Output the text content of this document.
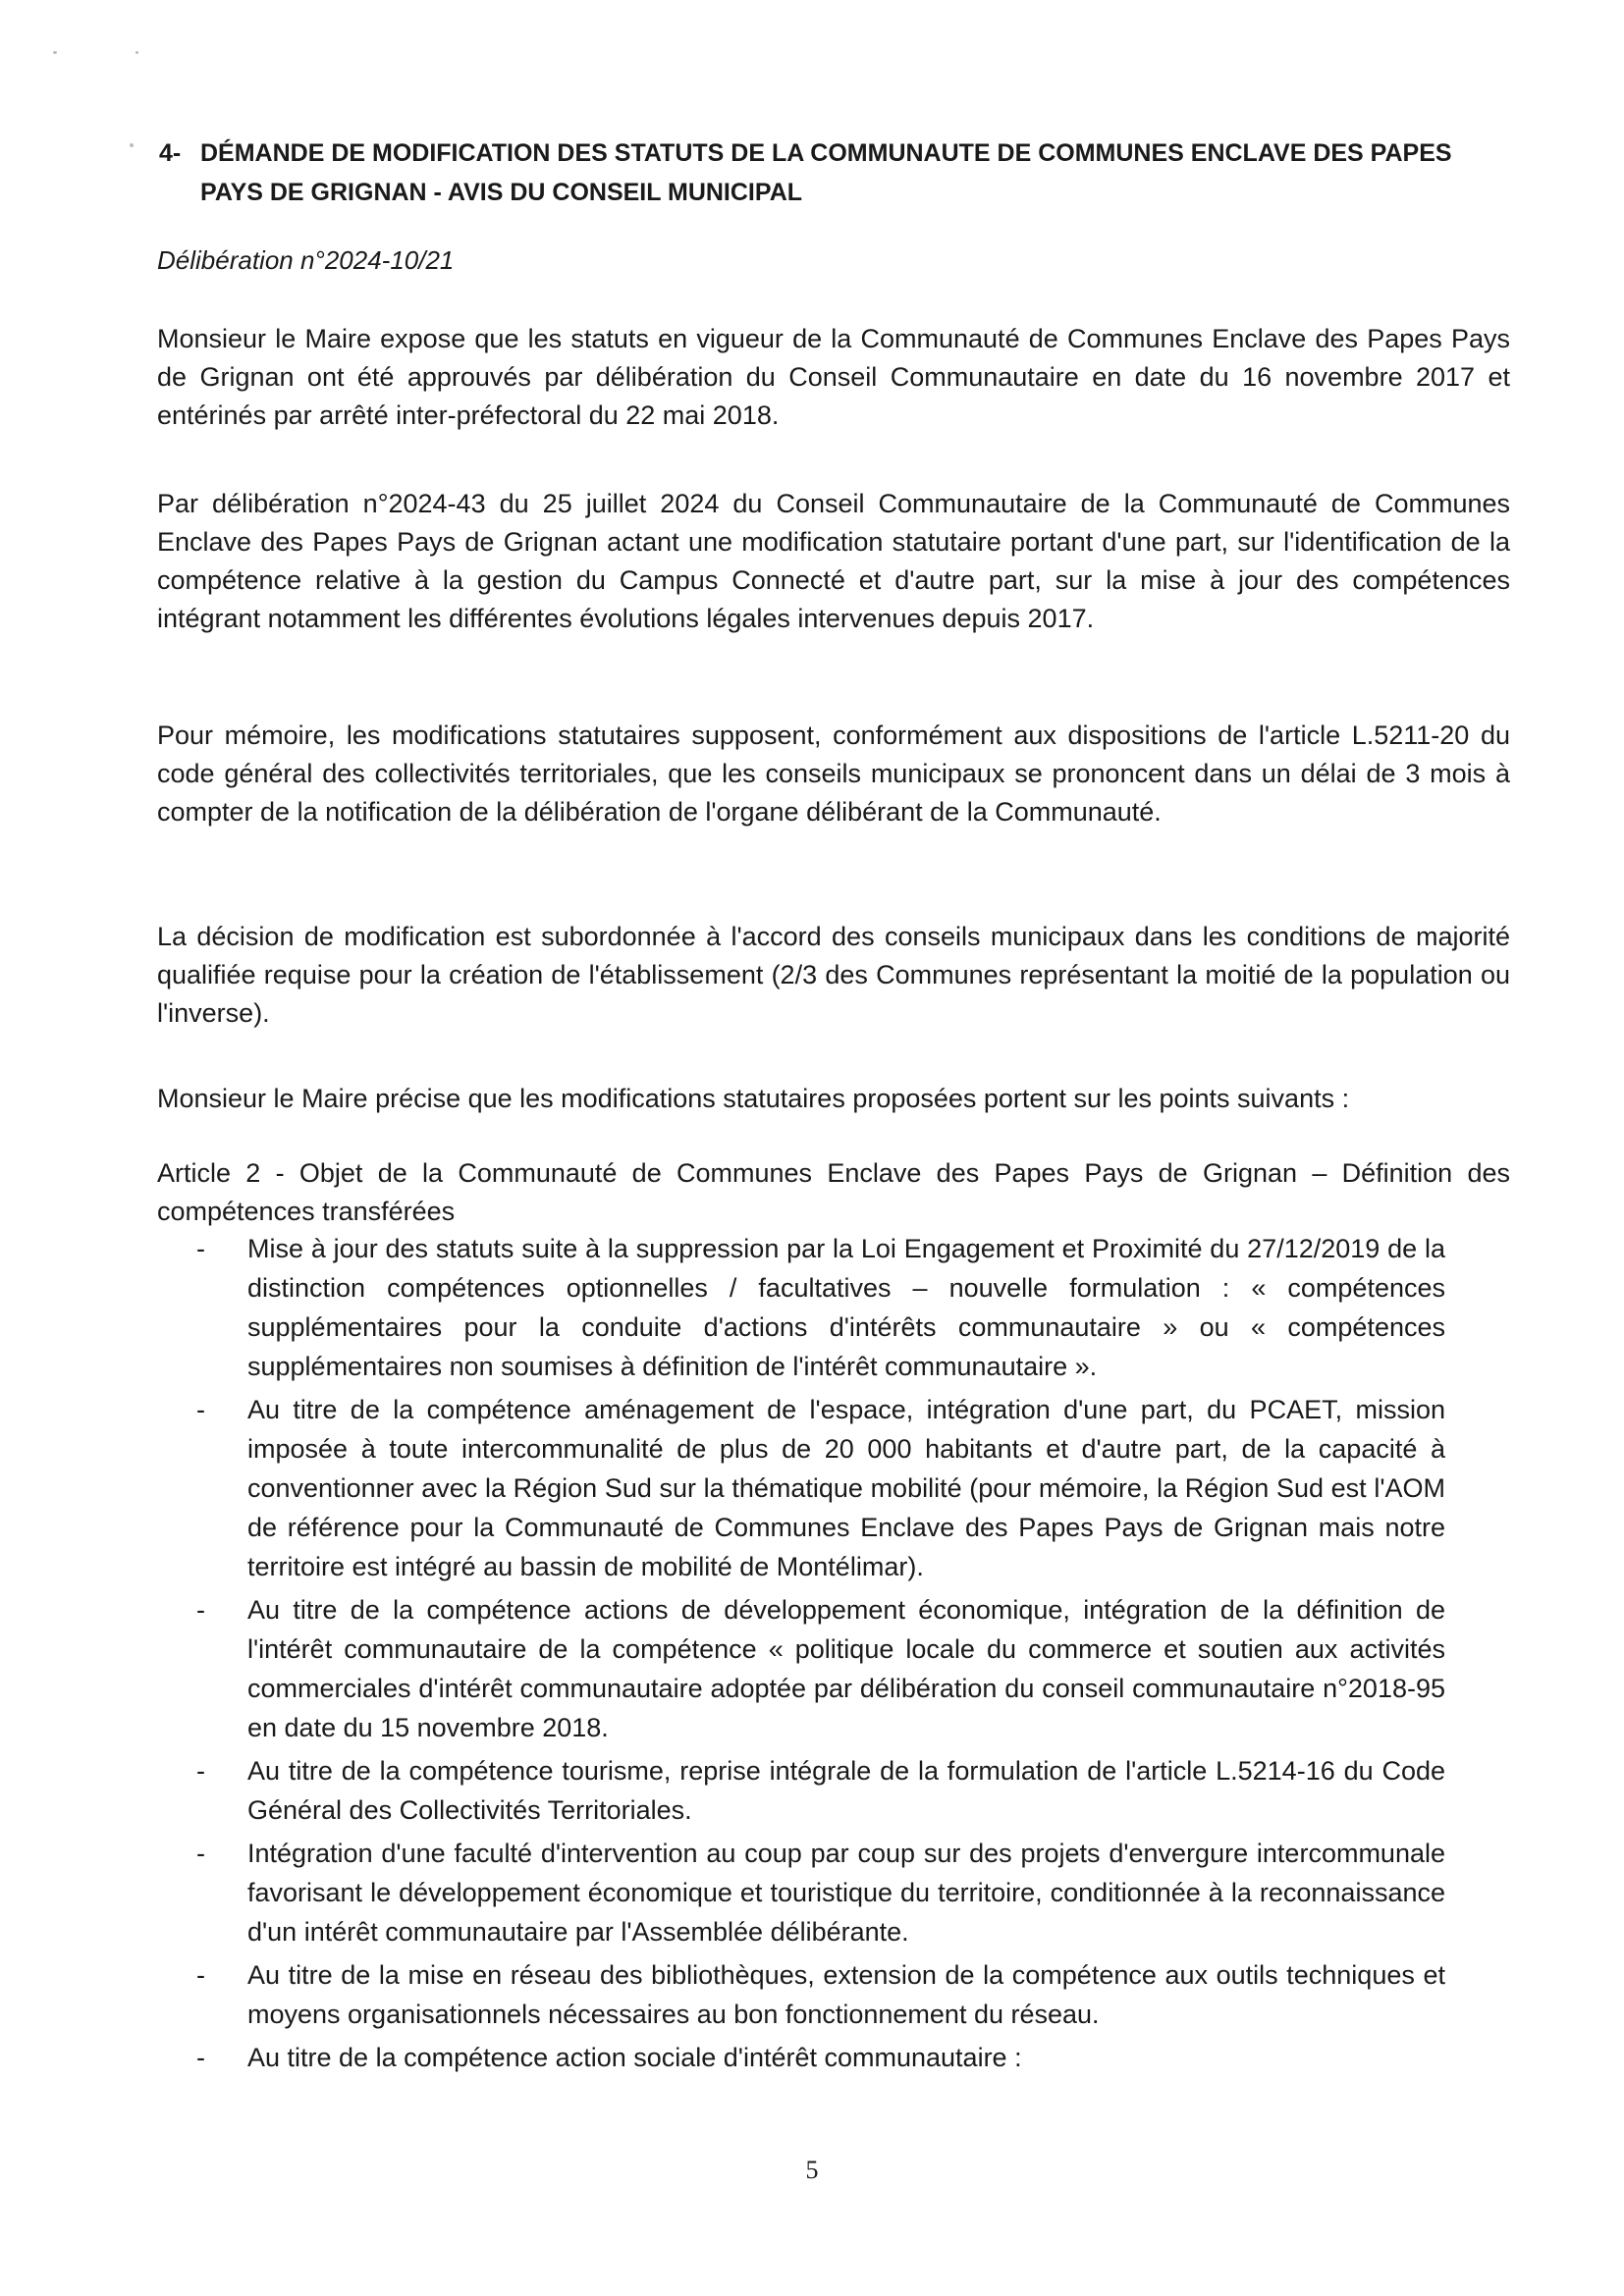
4- DÉMANDE DE MODIFICATION DES STATUTS DE LA COMMUNAUTE DE COMMUNES ENCLAVE DES PAPES
PAYS DE GRIGNAN - AVIS DU CONSEIL MUNICIPAL
Délibération n°2024-10/21
Monsieur le Maire expose que les statuts en vigueur de la Communauté de Communes Enclave des Papes Pays de Grignan ont été approuvés par délibération du Conseil Communautaire en date du 16 novembre 2017 et entérinés par arrêté inter-préfectoral du 22 mai 2018.
Par délibération n°2024-43 du 25 juillet 2024 du Conseil Communautaire de la Communauté de Communes Enclave des Papes Pays de Grignan actant une modification statutaire portant d'une part, sur l'identification de la compétence relative à la gestion du Campus Connecté et d'autre part, sur la mise à jour des compétences intégrant notamment les différentes évolutions légales intervenues depuis 2017.
Pour mémoire, les modifications statutaires supposent, conformément aux dispositions de l'article L.5211-20 du code général des collectivités territoriales, que les conseils municipaux se prononcent dans un délai de 3 mois à compter de la notification de la délibération de l'organe délibérant de la Communauté.
La décision de modification est subordonnée à l'accord des conseils municipaux dans les conditions de majorité qualifiée requise pour la création de l'établissement (2/3 des Communes représentant la moitié de la population ou l'inverse).
Monsieur le Maire précise que les modifications statutaires proposées portent sur les points suivants :
Article 2 - Objet de la Communauté de Communes Enclave des Papes Pays de Grignan – Définition des compétences transférées
- Mise à jour des statuts suite à la suppression par la Loi Engagement et Proximité du 27/12/2019 de la distinction compétences optionnelles / facultatives – nouvelle formulation : « compétences supplémentaires pour la conduite d'actions d'intérêts communautaire » ou « compétences supplémentaires non soumises à définition de l'intérêt communautaire ».
- Au titre de la compétence aménagement de l'espace, intégration d'une part, du PCAET, mission imposée à toute intercommunalité de plus de 20 000 habitants et d'autre part, de la capacité à conventionner avec la Région Sud sur la thématique mobilité (pour mémoire, la Région Sud est l'AOM de référence pour la Communauté de Communes Enclave des Papes Pays de Grignan mais notre territoire est intégré au bassin de mobilité de Montélimar).
- Au titre de la compétence actions de développement économique, intégration de la définition de l'intérêt communautaire de la compétence « politique locale du commerce et soutien aux activités commerciales d'intérêt communautaire adoptée par délibération du conseil communautaire n°2018-95 en date du 15 novembre 2018.
- Au titre de la compétence tourisme, reprise intégrale de la formulation de l'article L.5214-16 du Code Général des Collectivités Territoriales.
- Intégration d'une faculté d'intervention au coup par coup sur des projets d'envergure intercommunale favorisant le développement économique et touristique du territoire, conditionnée à la reconnaissance d'un intérêt communautaire par l'Assemblée délibérante.
- Au titre de la mise en réseau des bibliothèques, extension de la compétence aux outils techniques et moyens organisationnels nécessaires au bon fonctionnement du réseau.
- Au titre de la compétence action sociale d'intérêt communautaire :
5
